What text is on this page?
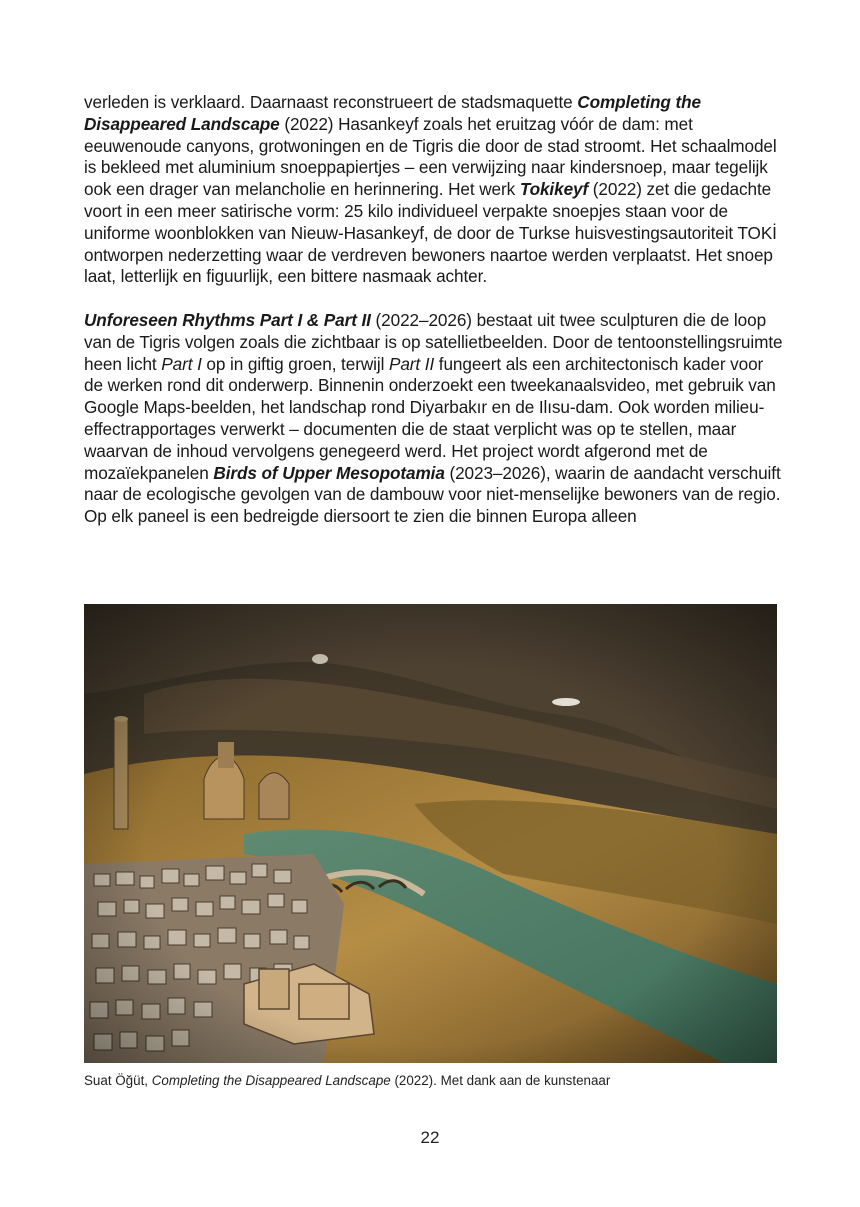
verleden is verklaard. Daarnaast reconstrueert de stadsmaquette Completing the Disappeared Landscape (2022) Hasankeyf zoals het eruitzag vóór de dam: met eeuwenoude canyons, grotwoningen en de Tigris die door de stad stroomt. Het schaalmodel is bekleed met aluminium snoeppapiertjes – een verwijzing naar kindersnoep, maar tegelijk ook een drager van melancholie en herinnering. Het werk Tokikeyf (2022) zet die gedachte voort in een meer satirische vorm: 25 kilo individueel verpakte snoepjes staan voor de uniforme woonblokken van Nieuw-Hasankeyf, de door de Turkse huisvestingsautoriteit TOKİ ontworpen nederzetting waar de verdreven bewoners naartoe werden verplaatst. Het snoep laat, letterlijk en figuurlijk, een bittere nasmaak achter.

Unforeseen Rhythms Part I & Part II (2022–2026) bestaat uit twee sculpturen die de loop van de Tigris volgen zoals die zichtbaar is op satellietbeelden. Door de tentoonstellingsruimte heen licht Part I op in giftig groen, terwijl Part II fungeert als een architectonisch kader voor de werken rond dit onderwerp. Binnenin onderzoekt een tweekanaalsvideo, met gebruik van Google Maps-beelden, het landschap rond Diyarbakır en de Ilısu-dam. Ook worden milieu-effectrapportages verwerkt – documenten die de staat verplicht was op te stellen, maar waarvan de inhoud vervolgens genegeerd werd. Het project wordt afgerond met de mozaïekpanelen Birds of Upper Mesopotamia (2023–2026), waarin de aandacht verschuift naar de ecologische gevolgen van de dambouw voor niet-menselijke bewoners van de regio. Op elk paneel is een bedreigde diersoort te zien die binnen Europa alleen

Suat Öğüt, Completing the Disappeared Landscape (2022). Met dank aan de kunstenaar
22
